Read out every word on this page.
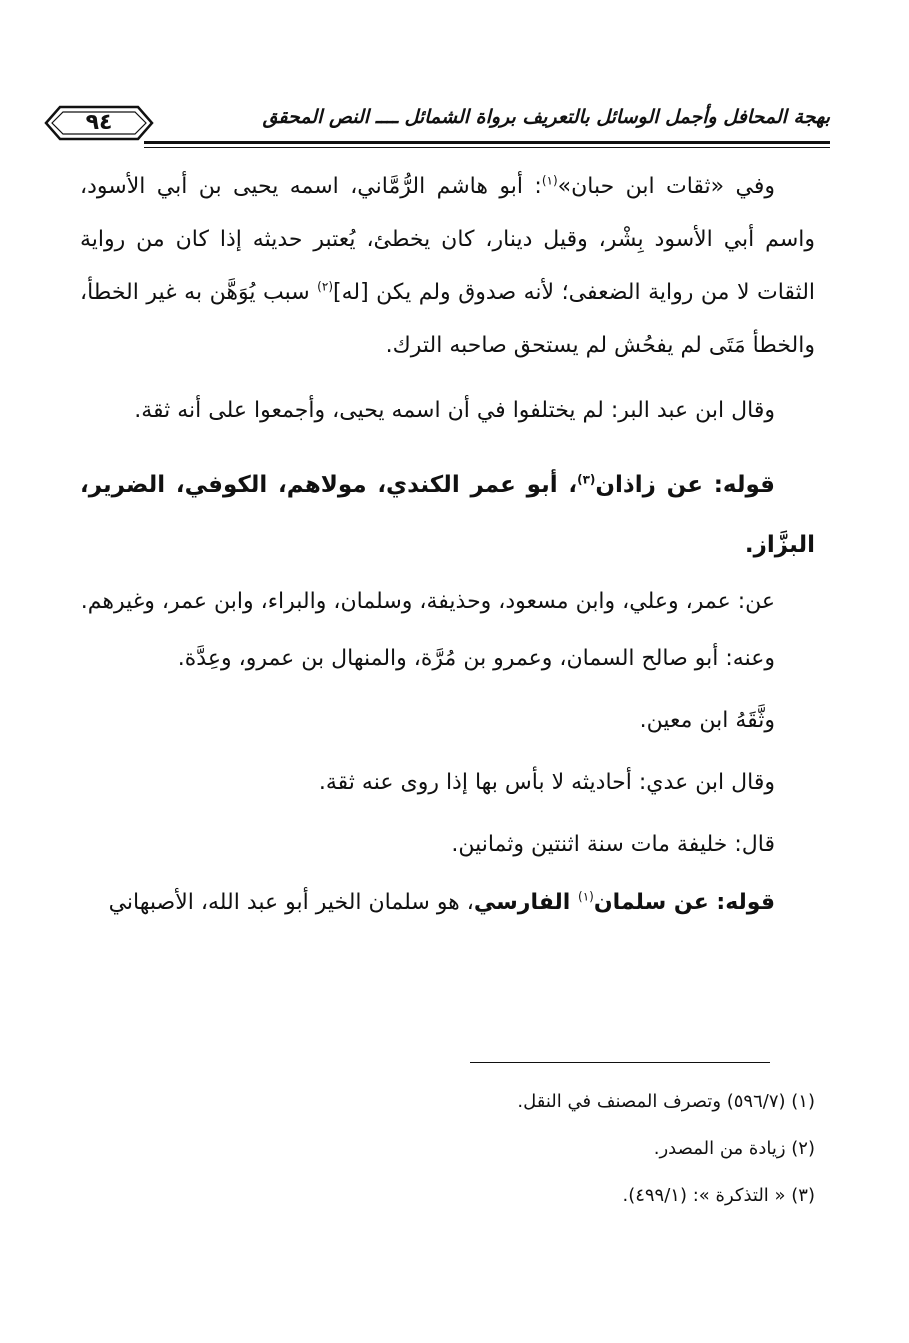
بهجة المحافل وأجمل الوسائل بالتعريف برواة الشمائل ــــ النص المحقق
٩٤

وفي «ثقات ابن حبان»$^{(١)}$: أبو هاشم الرُّمَّاني، اسمه يحيى بن أبي الأسود، واسم أبي الأسود بِشْر، وقيل دينار، كان يخطئ، يُعتبر حديثه إذا كان من رواية الثقات لا من رواية الضعفى؛ لأنه صدوق ولم يكن [له]$^{(٢)}$ سبب يُوَهَّن به غير الخطأ، والخطأ مَتَى لم يفحُش لم يستحق صاحبه الترك.

وقال ابن عبد البر: لم يختلفوا في أن اسمه يحيى، وأجمعوا على أنه ثقة.

قوله: عن زاذان$^{(٣)}$، أبو عمر الكندي، مولاهم، الكوفي، الضرير، البزَّاز.

عن: عمر، وعلي، وابن مسعود، وحذيفة، وسلمان، والبراء، وابن عمر، وغيرهم.

وعنه: أبو صالح السمان، وعمرو بن مُرَّة، والمنهال بن عمرو، وعِدَّة.

وثَّقَهُ ابن معين.

وقال ابن عدي: أحاديثه لا بأس بها إذا روى عنه ثقة.

قال: خليفة مات سنة اثنتين وثمانين.

قوله: عن سلمان$^{(١)}$ الفارسي، هو سلمان الخير أبو عبد الله، الأصبهاني

(١) (٥٩٦/٧) وتصرف المصنف في النقل.

(٢) زيادة من المصدر.

(٣) « التذكرة »: (٤٩٩/١).
